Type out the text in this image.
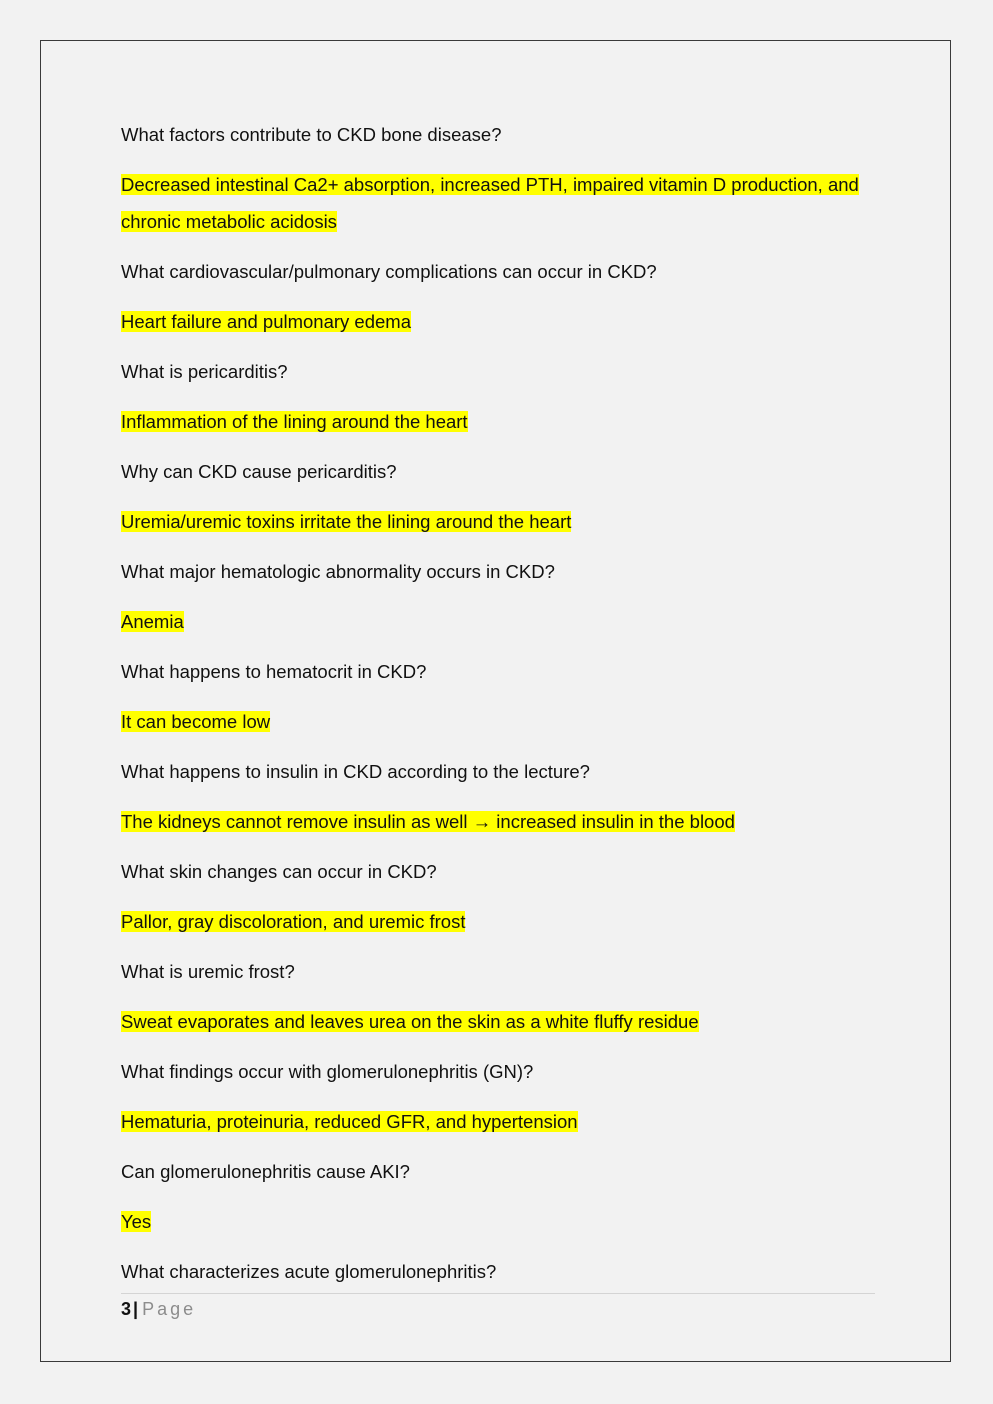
What factors contribute to CKD bone disease?

Decreased intestinal Ca2+ absorption, increased PTH, impaired vitamin D production, and chronic metabolic acidosis

What cardiovascular/pulmonary complications can occur in CKD?

Heart failure and pulmonary edema

What is pericarditis?

Inflammation of the lining around the heart

Why can CKD cause pericarditis?

Uremia/uremic toxins irritate the lining around the heart

What major hematologic abnormality occurs in CKD?

Anemia

What happens to hematocrit in CKD?

It can become low

What happens to insulin in CKD according to the lecture?

The kidneys cannot remove insulin as well → increased insulin in the blood

What skin changes can occur in CKD?

Pallor, gray discoloration, and uremic frost

What is uremic frost?

Sweat evaporates and leaves urea on the skin as a white fluffy residue

What findings occur with glomerulonephritis (GN)?

Hematuria, proteinuria, reduced GFR, and hypertension

Can glomerulonephritis cause AKI?

Yes

What characterizes acute glomerulonephritis?

3 | Page
